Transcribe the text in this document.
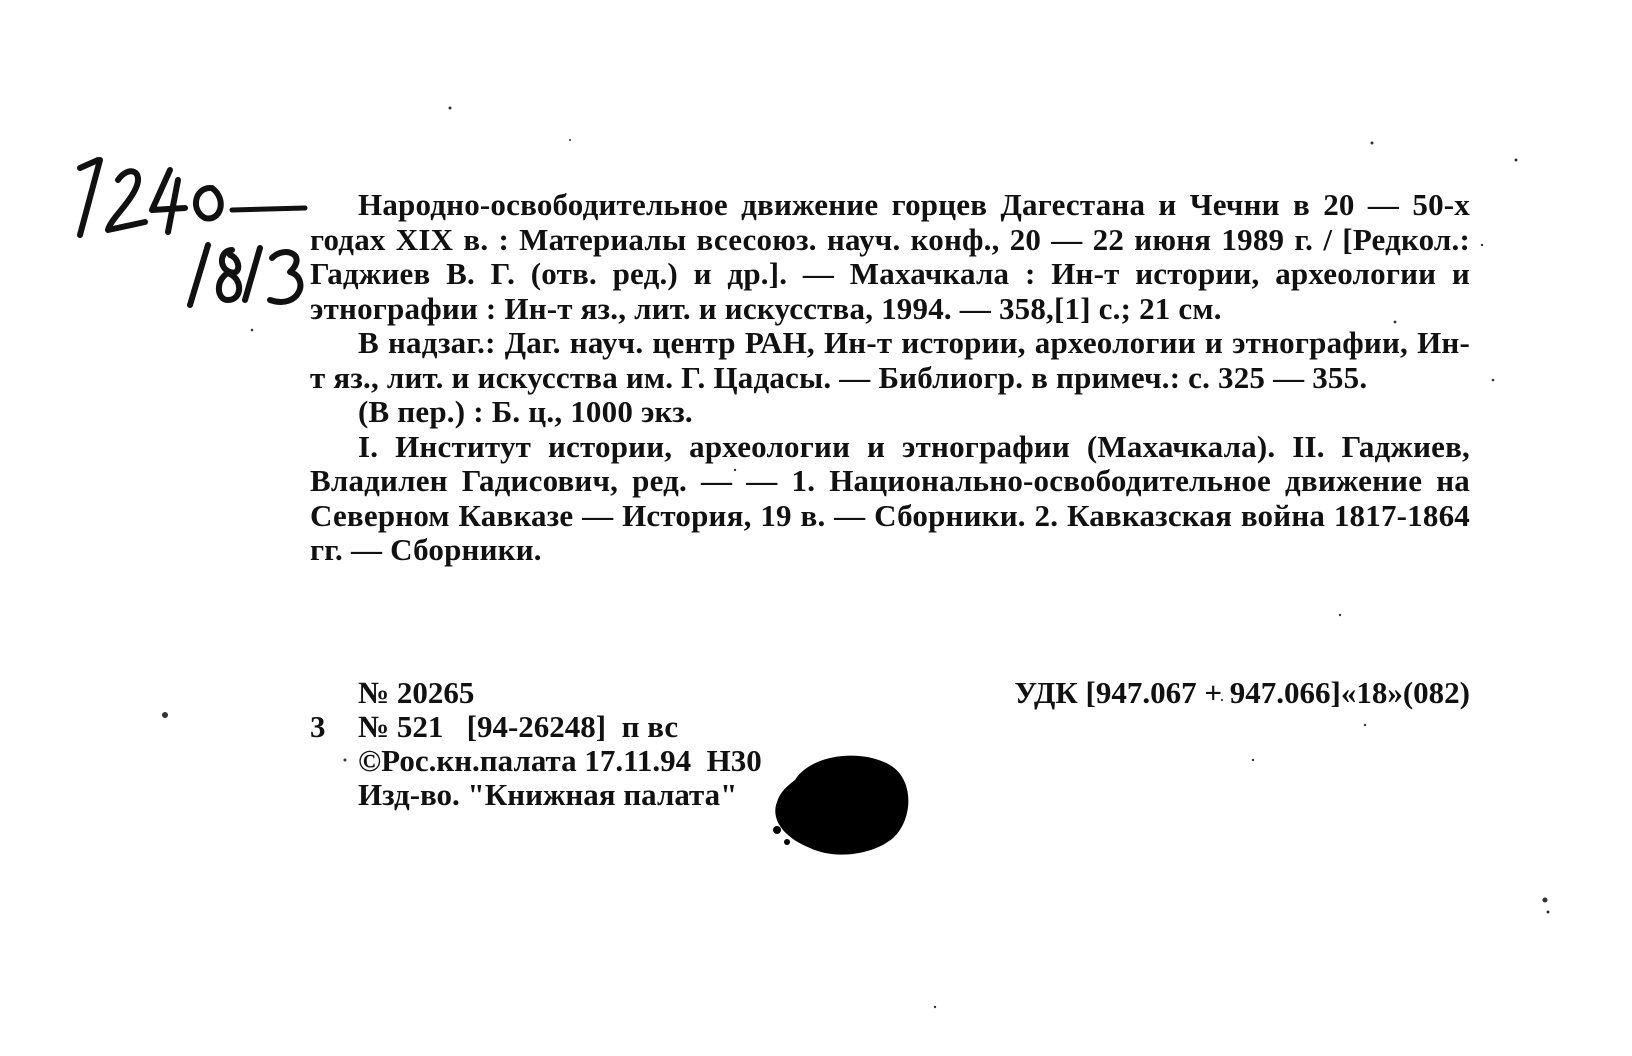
Народно-освободительное движение горцев Дагестана и Чечни в 20 — 50-х годах XIX в. : Материалы всесоюз. науч. конф., 20 — 22 июня 1989 г. / [Редкол.: Гаджиев В. Г. (отв. ред.) и др.]. — Махачкала : Ин-т истории, археологии и этнографии : Ин-т яз., лит. и искусства, 1994. — 358,[1] с.; 21 см.

В надзаг.: Даг. науч. центр РАН, Ин-т истории, археологии и этнографии, Ин-т яз., лит. и искусства им. Г. Цадасы. — Библиогр. в примеч.: с. 325 — 355.

(В пер.) : Б. ц., 1000 экз.

I. Институт истории, археологии и этнографии (Махачкала). II. Гаджиев, Владилен Гадисович, ред. — — 1. Национально-освободительное движение на Северном Кавказе — История, 19 в. — Сборники. 2. Кавказская война 1817-1864 гг. — Сборники.

№ 20265	УДК [947.067 + 947.066]«18»(082)
3 № 521   [94-26248]  п вс
©Рос.кн.палата 17.11.94  Н30
Изд-во. "Книжная палата"
